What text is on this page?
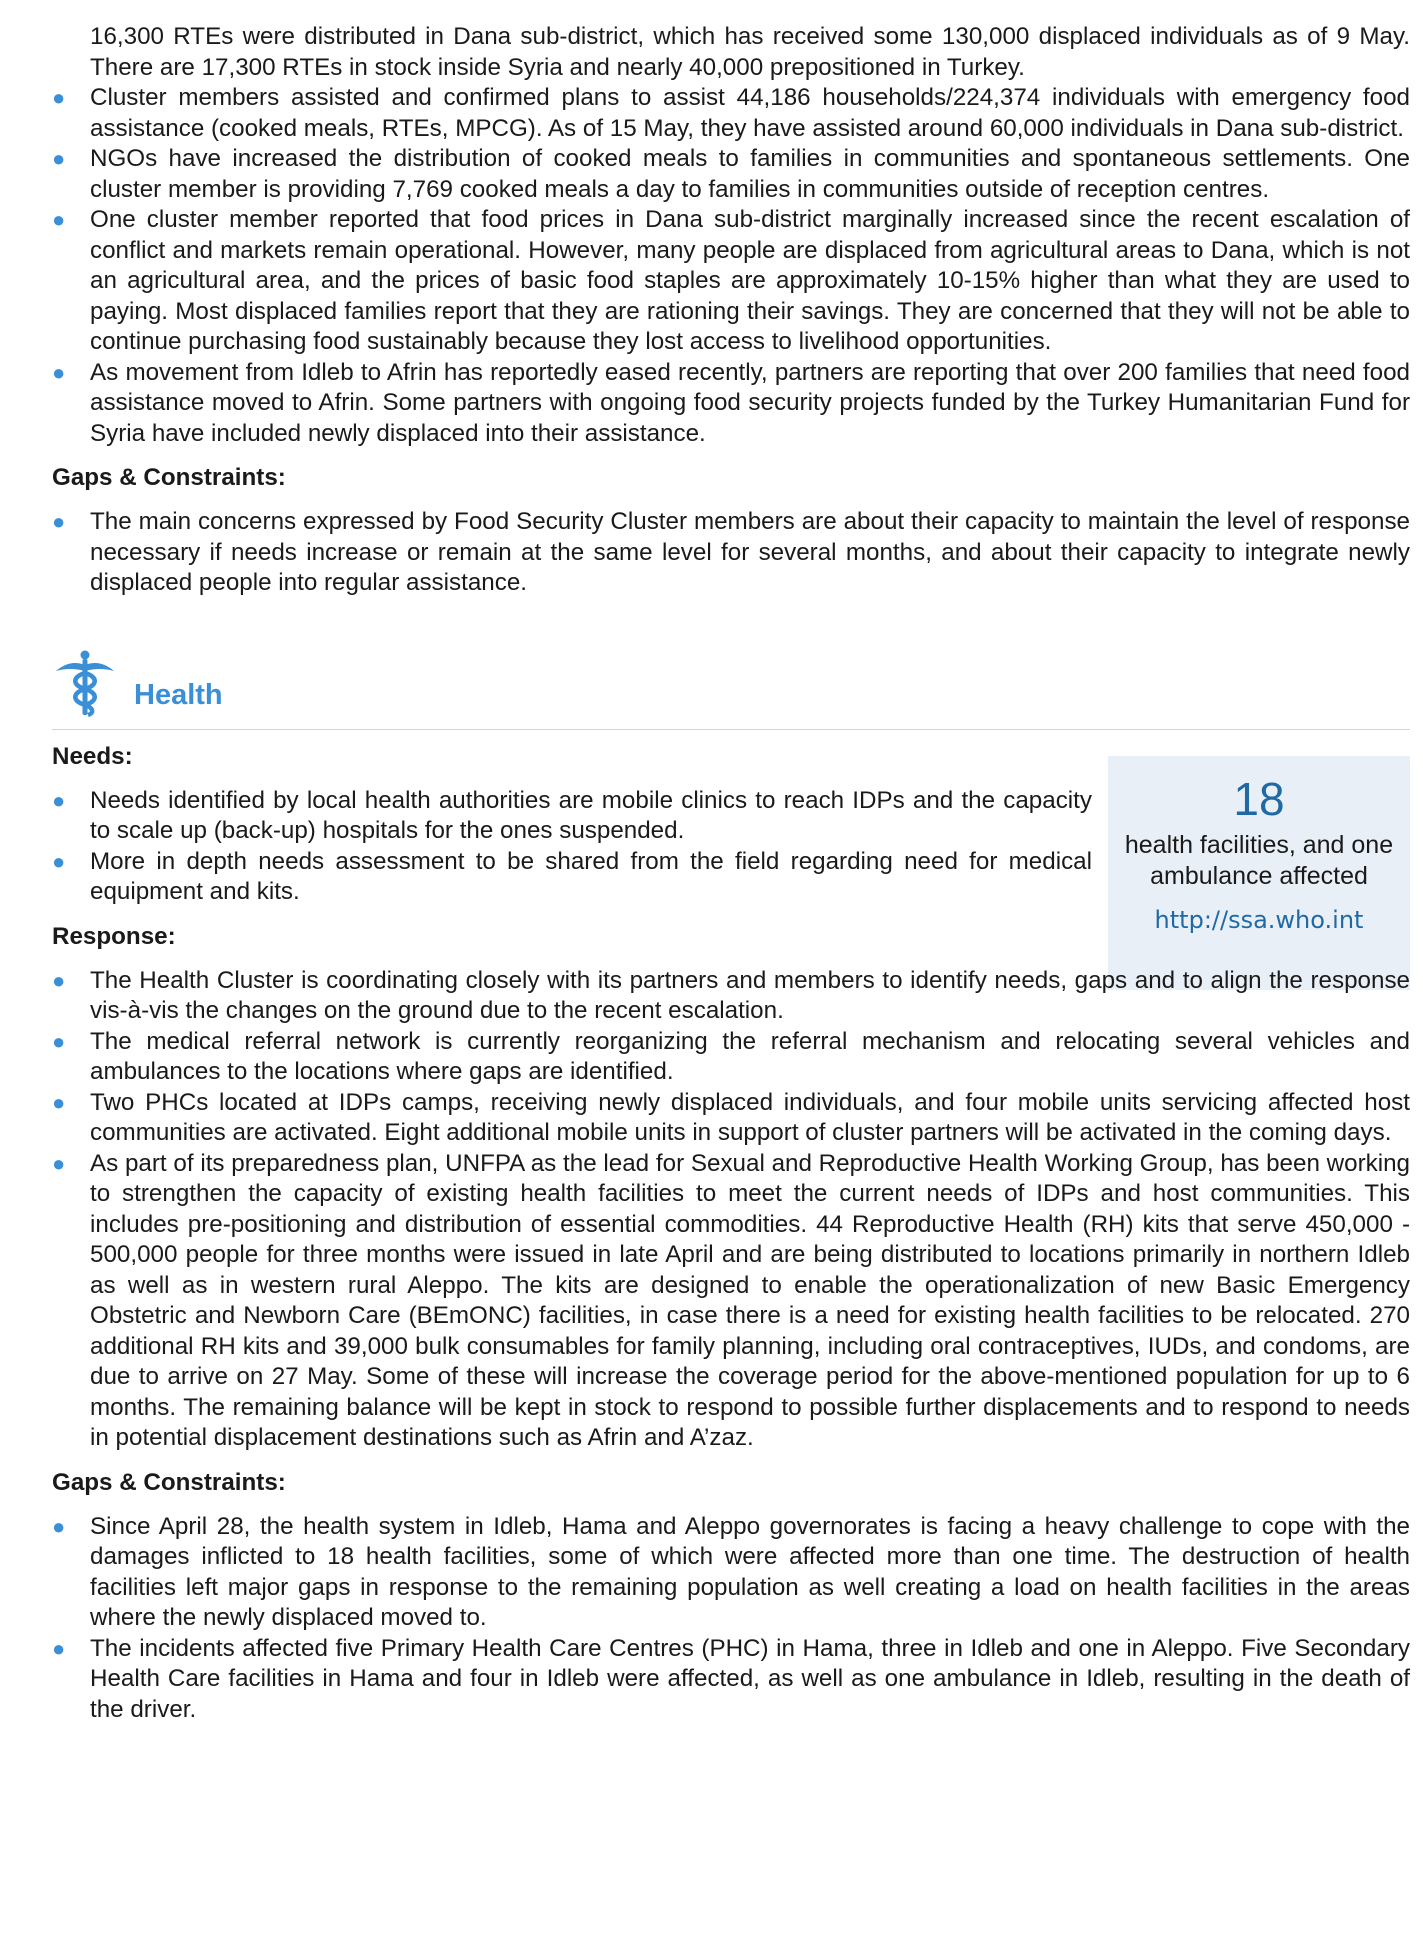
16,300 RTEs were distributed in Dana sub-district, which has received some 130,000 displaced individuals as of 9 May. There are 17,300 RTEs in stock inside Syria and nearly 40,000 prepositioned in Turkey.
● Cluster members assisted and confirmed plans to assist 44,186 households/224,374 individuals with emergency food assistance (cooked meals, RTEs, MPCG). As of 15 May, they have assisted around 60,000 individuals in Dana sub-district.
● NGOs have increased the distribution of cooked meals to families in communities and spontaneous settlements. One cluster member is providing 7,769 cooked meals a day to families in communities outside of reception centres.
● One cluster member reported that food prices in Dana sub-district marginally increased since the recent escalation of conflict and markets remain operational. However, many people are displaced from agricultural areas to Dana, which is not an agricultural area, and the prices of basic food staples are approximately 10-15% higher than what they are used to paying. Most displaced families report that they are rationing their savings. They are concerned that they will not be able to continue purchasing food sustainably because they lost access to livelihood opportunities.
● As movement from Idleb to Afrin has reportedly eased recently, partners are reporting that over 200 families that need food assistance moved to Afrin. Some partners with ongoing food security projects funded by the Turkey Humanitarian Fund for Syria have included newly displaced into their assistance.
Gaps & Constraints:
● The main concerns expressed by Food Security Cluster members are about their capacity to maintain the level of response necessary if needs increase or remain at the same level for several months, and about their capacity to integrate newly displaced people into regular assistance.
Health
Needs:
● Needs identified by local health authorities are mobile clinics to reach IDPs and the capacity to scale up (back-up) hospitals for the ones suspended.
● More in depth needs assessment to be shared from the field regarding need for medical equipment and kits.
Response:
18
health facilities, and one ambulance affected
http://ssa.who.int
● The Health Cluster is coordinating closely with its partners and members to identify needs, gaps and to align the response vis-à-vis the changes on the ground due to the recent escalation.
● The medical referral network is currently reorganizing the referral mechanism and relocating several vehicles and ambulances to the locations where gaps are identified.
● Two PHCs located at IDPs camps, receiving newly displaced individuals, and four mobile units servicing affected host communities are activated. Eight additional mobile units in support of cluster partners will be activated in the coming days.
● As part of its preparedness plan, UNFPA as the lead for Sexual and Reproductive Health Working Group, has been working to strengthen the capacity of existing health facilities to meet the current needs of IDPs and host communities. This includes pre-positioning and distribution of essential commodities. 44 Reproductive Health (RH) kits that serve 450,000 - 500,000 people for three months were issued in late April and are being distributed to locations primarily in northern Idleb as well as in western rural Aleppo. The kits are designed to enable the operationalization of new Basic Emergency Obstetric and Newborn Care (BEmONC) facilities, in case there is a need for existing health facilities to be relocated. 270 additional RH kits and 39,000 bulk consumables for family planning, including oral contraceptives, IUDs, and condoms, are due to arrive on 27 May. Some of these will increase the coverage period for the above-mentioned population for up to 6 months. The remaining balance will be kept in stock to respond to possible further displacements and to respond to needs in potential displacement destinations such as Afrin and A’zaz.
Gaps & Constraints:
● Since April 28, the health system in Idleb, Hama and Aleppo governorates is facing a heavy challenge to cope with the damages inflicted to 18 health facilities, some of which were affected more than one time. The destruction of health facilities left major gaps in response to the remaining population as well creating a load on health facilities in the areas where the newly displaced moved to.
● The incidents affected five Primary Health Care Centres (PHC) in Hama, three in Idleb and one in Aleppo. Five Secondary Health Care facilities in Hama and four in Idleb were affected, as well as one ambulance in Idleb, resulting in the death of the driver.
